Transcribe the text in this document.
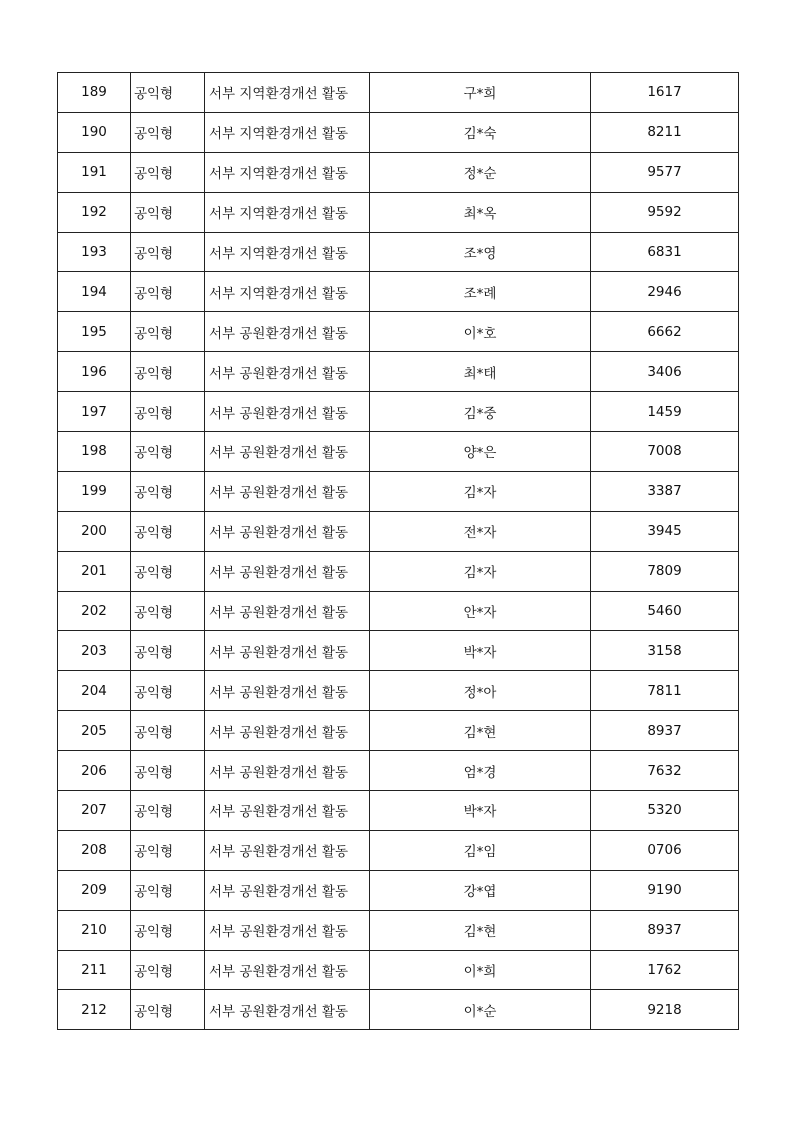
189	공익형	서부 지역환경개선 활동	구*희	1617
190	공익형	서부 지역환경개선 활동	김*숙	8211
191	공익형	서부 지역환경개선 활동	정*순	9577
192	공익형	서부 지역환경개선 활동	최*옥	9592
193	공익형	서부 지역환경개선 활동	조*영	6831
194	공익형	서부 지역환경개선 활동	조*례	2946
195	공익형	서부 공원환경개선 활동	이*호	6662
196	공익형	서부 공원환경개선 활동	최*태	3406
197	공익형	서부 공원환경개선 활동	김*중	1459
198	공익형	서부 공원환경개선 활동	양*은	7008
199	공익형	서부 공원환경개선 활동	김*자	3387
200	공익형	서부 공원환경개선 활동	전*자	3945
201	공익형	서부 공원환경개선 활동	김*자	7809
202	공익형	서부 공원환경개선 활동	안*자	5460
203	공익형	서부 공원환경개선 활동	박*자	3158
204	공익형	서부 공원환경개선 활동	정*아	7811
205	공익형	서부 공원환경개선 활동	김*현	8937
206	공익형	서부 공원환경개선 활동	엄*경	7632
207	공익형	서부 공원환경개선 활동	박*자	5320
208	공익형	서부 공원환경개선 활동	김*임	0706
209	공익형	서부 공원환경개선 활동	강*엽	9190
210	공익형	서부 공원환경개선 활동	김*현	8937
211	공익형	서부 공원환경개선 활동	이*희	1762
212	공익형	서부 공원환경개선 활동	이*순	9218
